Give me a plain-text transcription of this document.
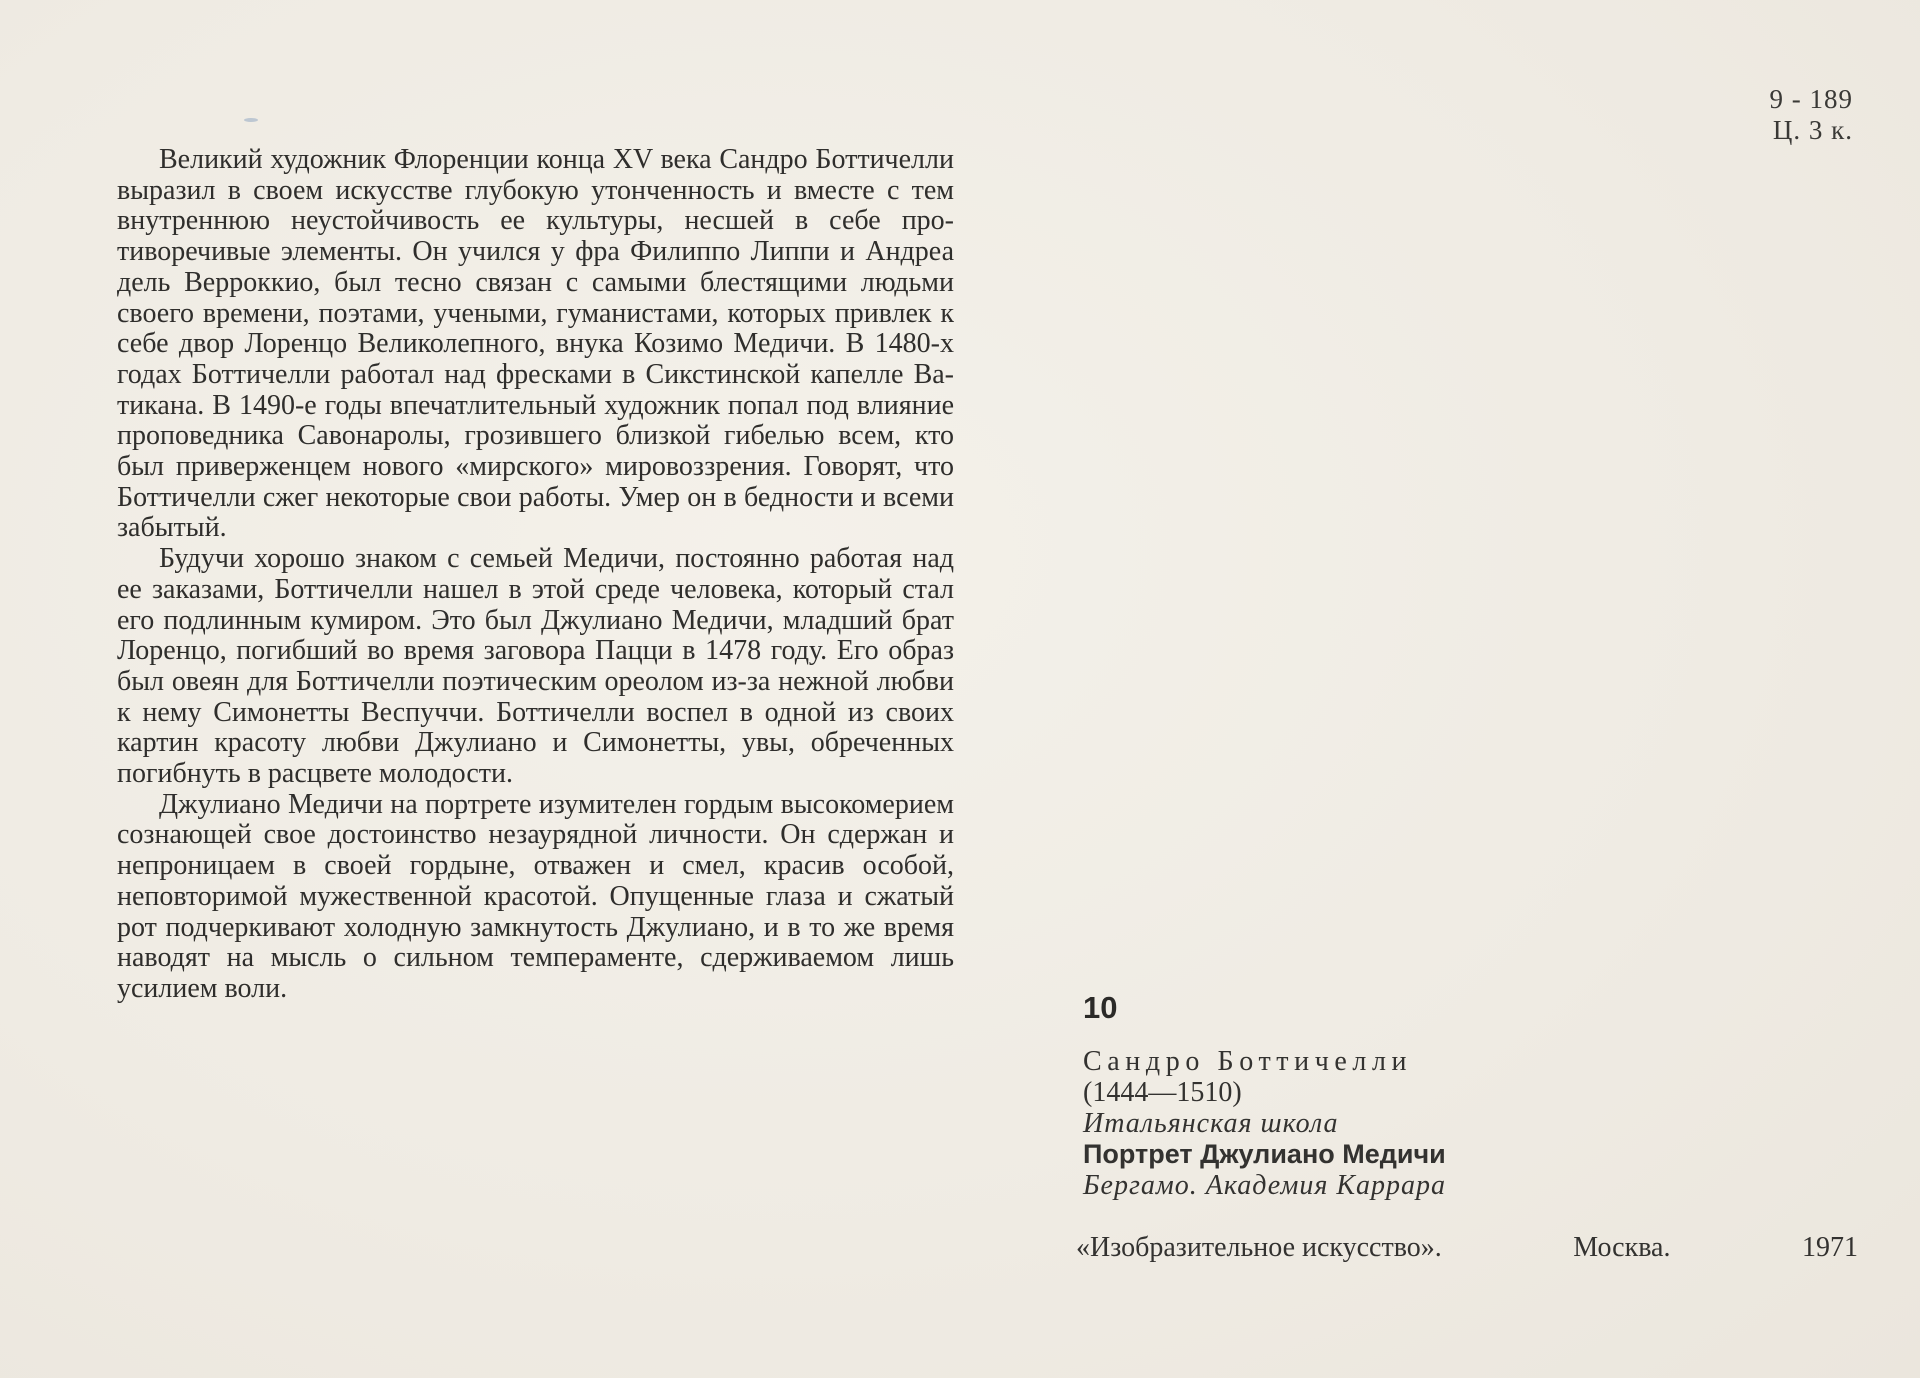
9 - 189
Ц. 3 к.

Великий художник Флоренции конца XV века Сандро Боттичелли выразил в своем искусстве глубокую утонченность и вместе с тем внутреннюю неустойчивость ее культуры, несшей в себе противоречивые элементы. Он учился у фра Филиппо Липпи и Андреа дель Верроккио, был тесно связан с самыми блестящими людьми своего времени, поэтами, учеными, гуманистами, которых привлек к себе двор Лоренцо Великолепного, внука Козимо Медичи. В 1480-х годах Боттичелли работал над фресками в Сикстинской капелле Ватикана. В 1490-е годы впечатлительный художник попал под влияние проповедника Савонаролы, грозившего близкой гибелью всем, кто был приверженцем нового «мирского» мировоззрения. Говорят, что Боттичелли сжег некоторые свои работы. Умер он в бедности и всеми забытый.

Будучи хорошо знаком с семьей Медичи, постоянно работая над ее заказами, Боттичелли нашел в этой среде человека, который стал его подлинным кумиром. Это был Джулиано Медичи, младший брат Лоренцо, погибший во время заговора Пацци в 1478 году. Его образ был овеян для Боттичелли поэтическим ореолом из-за нежной любви к нему Симонетты Веспуччи. Боттичелли воспел в одной из своих картин красоту любви Джулиано и Симонетты, увы, обреченных погибнуть в расцвете молодости.

Джулиано Медичи на портрете изумителен гордым высокомерием сознающей свое достоинство незаурядной личности. Он сдержан и непроницаем в своей гордыне, отважен и смел, красив особой, неповторимой мужественной красотой. Опущенные глаза и сжатый рот подчеркивают холодную замкнутость Джулиано, и в то же время наводят на мысль о сильном темпераменте, сдерживаемом лишь усилием воли.

10
Сандро Боттичелли
(1444—1510)
Итальянская школа
Портрет Джулиано Медичи
Бергамо. Академия Каррара
«Изобразительное искусство».	Москва.	1971
